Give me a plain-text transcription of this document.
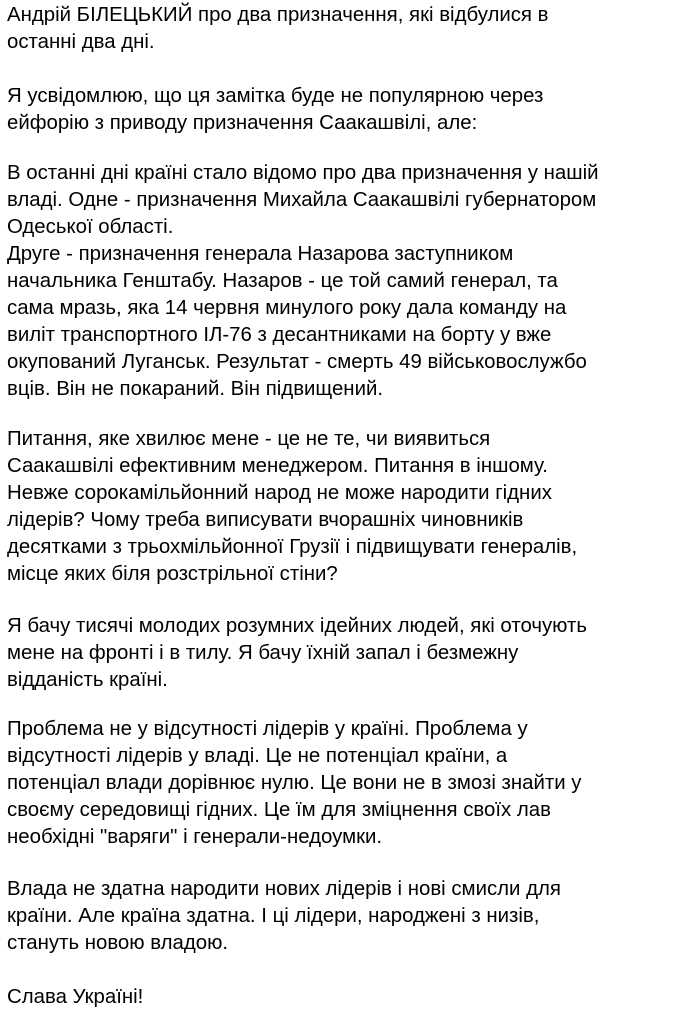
Андрій БІЛЕЦЬКИЙ про два призначення, які відбулися в
останні два дні.

Я усвідомлюю, що ця замітка буде не популярною через
ейфорію з приводу призначення Саакашвілі, але:

В останні дні країні стало відомо про два призначення у нашій
владі. Одне - призначення Михайла Саакашвілі губернатором
Одеської області.
Друге - призначення генерала Назарова заступником
начальника Генштабу. Назаров - це той самий генерал, та
сама мразь, яка 14 червня минулого року дала команду на
виліт транспортного ІЛ-76 з десантниками на борту у вже
окупований Луганськ. Результат - смерть 49 військовослужбо
вців. Він не покараний. Він підвищений.

Питання, яке хвилює мене - це не те, чи виявиться
Саакашвілі ефективним менеджером. Питання в іншому.
Невже сорокамільйонний народ не може народити гідних
лідерів? Чому треба виписувати вчорашніх чиновників
десятками з трьохмільйонної Грузії і підвищувати генералів,
місце яких біля розстрільної стіни?

Я бачу тисячі молодих розумних ідейних людей, які оточують
мене на фронті і в тилу. Я бачу їхній запал і безмежну
відданість країні.

Проблема не у відсутності лідерів у країні. Проблема у
відсутності лідерів у владі. Це не потенціал країни, а
потенціал влади дорівнює нулю. Це вони не в змозі знайти у
своєму середовищі гідних. Це їм для зміцнення своїх лав
необхідні "варяги" і генерали-недоумки.

Влада не здатна народити нових лідерів і нові смисли для
країни. Але країна здатна. І ці лідери, народжені з низів,
стануть новою владою.

Слава Україні!
